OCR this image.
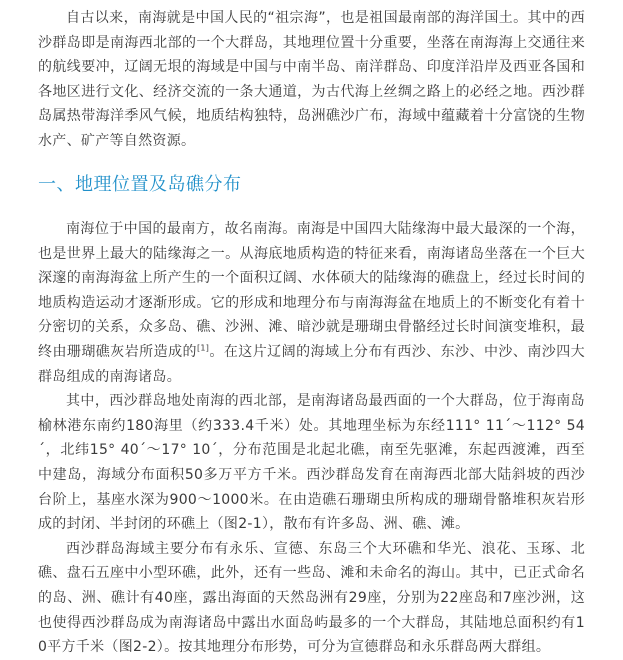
自古以来，南海就是中国人民的“祖宗海”，也是祖国最南部的海洋国土。其中的西沙群岛即是南海西北部的一个大群岛，其地理位置十分重要，坐落在南海海上交通往来的航线要冲，辽阔无垠的海域是中国与中南半岛、南洋群岛、印度洋沿岸及西亚各国和各地区进行文化、经济交流的一条大通道，为古代海上丝绸之路上的必经之地。西沙群岛属热带海洋季风气候，地质结构独特，岛洲礁沙广布，海域中蕴藏着十分富饶的生物水产、矿产等自然资源。

一、地理位置及岛礁分布

南海位于中国的最南方，故名南海。南海是中国四大陆缘海中最大最深的一个海，也是世界上最大的陆缘海之一。从海底地质构造的特征来看，南海诸岛坐落在一个巨大深邃的南海海盆上所产生的一个面积辽阔、水体硕大的陆缘海的礁盘上，经过长时间的地质构造运动才逐渐形成。它的形成和地理分布与南海海盆在地质上的不断变化有着十分密切的关系，众多岛、礁、沙洲、滩、暗沙就是珊瑚虫骨骼经过长时间演变堆积，最终由珊瑚礁灰岩所造成的[1]。在这片辽阔的海域上分布有西沙、东沙、中沙、南沙四大群岛组成的南海诸岛。

其中，西沙群岛地处南海的西北部，是南海诸岛最西面的一个大群岛，位于海南岛榆林港东南约180海里（约333.4千米）处。其地理坐标为东经111° 11´～112° 54´，北纬15° 40´～17° 10´，分布范围是北起北礁，南至先驱滩，东起西渡滩，西至中建岛，海域分布面积50多万平方千米。西沙群岛发育在南海西北部大陆斜坡的西沙台阶上，基座水深为900～1000米。在由造礁石珊瑚虫所构成的珊瑚骨骼堆积灰岩形成的封闭、半封闭的环礁上（图2-1），散布有许多岛、洲、礁、滩。

西沙群岛海域主要分布有永乐、宣德、东岛三个大环礁和华光、浪花、玉琢、北礁、盘石五座中小型环礁，此外，还有一些岛、滩和未命名的海山。其中，已正式命名的岛、洲、礁计有40座，露出海面的天然岛洲有29座，分别为22座岛和7座沙洲，这也使得西沙群岛成为南海诸岛中露出水面岛屿最多的一个大群岛，其陆地总面积约有10平方千米（图2-2）。按其地理分布形势，可分为宣德群岛和永乐群岛两大群组。
